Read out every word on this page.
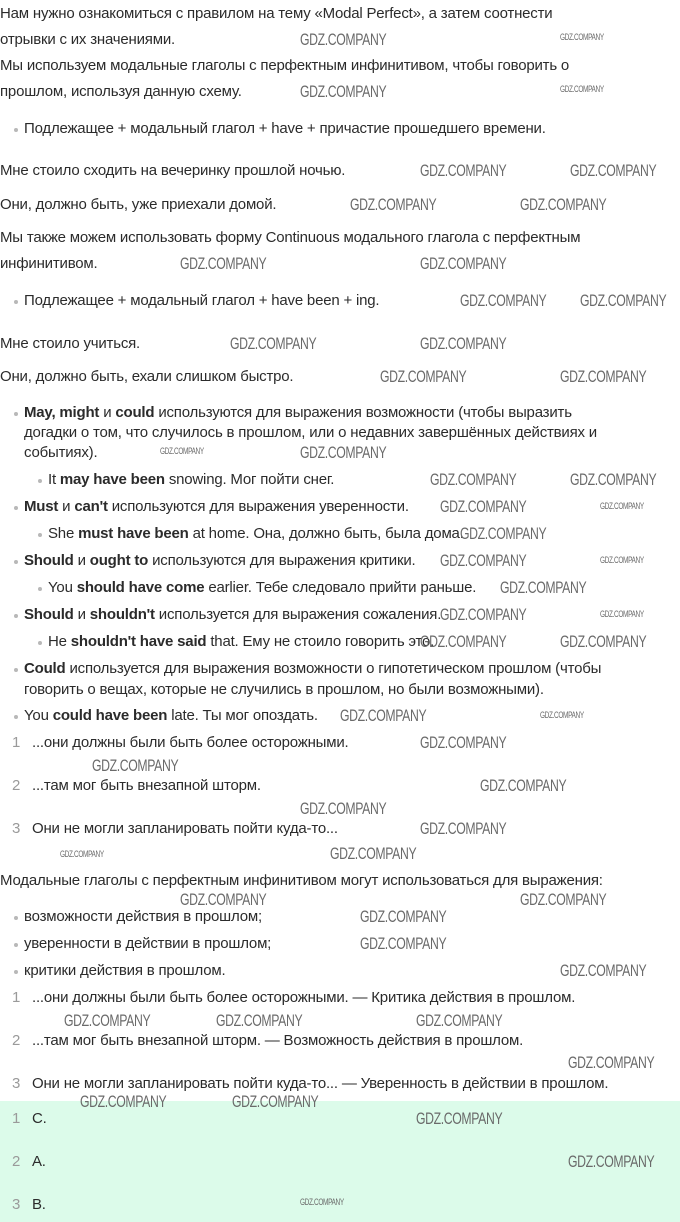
Нам нужно ознакомиться с правилом на тему «Modal Perfect», а затем соотнести
отрывки с их значениями.
Мы используем модальные глаголы с перфектным инфинитивом, чтобы говорить о
прошлом, используя данную схему.
Подлежащее + модальный глагол + have + причастие прошедшего времени.
Мне стоило сходить на вечеринку прошлой ночью.
Они, должно быть, уже приехали домой.
Мы также можем использовать форму Continuous модального глагола с перфектным
инфинитивом.
Подлежащее + модальный глагол + have been + ing.
Мне стоило учиться.
Они, должно быть, ехали слишком быстро.
May, might и could используются для выражения возможности (чтобы выразить
догадки о том, что случилось в прошлом, или о недавних завершённых действиях и
событиях).
It may have been snowing. Мог пойти снег.
Must и can't используются для выражения уверенности.
She must have been at home. Она, должно быть, была дома.
Should и ought to используются для выражения критики.
You should have come earlier. Тебе следовало прийти раньше.
Should и shouldn't используется для выражения сожаления.
He shouldn't have said that. Ему не стоило говорить это.
Could используется для выражения возможности о гипотетическом прошлом (чтобы
говорить о вещах, которые не случились в прошлом, но были возможными).
You could have been late. Ты мог опоздать.
1 ...они должны были быть более осторожными.
2 ...там мог быть внезапной шторм.
3 Они не могли запланировать пойти куда-то...
Модальные глаголы с перфектным инфинитивом могут использоваться для выражения:
возможности действия в прошлом;
уверенности в действии в прошлом;
критики действия в прошлом.
1 ...они должны были быть более осторожными. — Критика действия в прошлом.
2 ...там мог быть внезапной шторм. — Возможность действия в прошлом.
3 Они не могли запланировать пойти куда-то... — Уверенность в действии в прошлом.
1 C.
2 A.
3 B.
GDZ.COMPANY	GDZ.COMPANY
GDZ.COMPANY	GDZ.COMPANY
GDZ.COMPANY	GDZ.COMPANY
GDZ.COMPANY	GDZ.COMPANY
GDZ.COMPANY	GDZ.COMPANY
GDZ.COMPANY GDZ.COMPANY
GDZ.COMPANY	GDZ.COMPANY
GDZ.COMPANY	GDZ.COMPANY
GDZ.COMPANY	GDZ.COMPANY
GDZ.COMPANY	GDZ.COMPANY
GDZ.COMPANY	GDZ.COMPANY
GDZ.COMPANY
GDZ.COMPANY	GDZ.COMPANY
GDZ.COMPANY
GDZ.COMPANY	GDZ.COMPANY
GDZ.COMPANY	GDZ.COMPANY
GDZ.COMPANY	GDZ.COMPANY
GDZ.COMPANY
GDZ.COMPANY
GDZ.COMPANY
GDZ.COMPANY
GDZ.COMPANY
GDZ.COMPANY
GDZ.COMPANY
GDZ.COMPANY	GDZ.COMPANY
GDZ.COMPANY
GDZ.COMPANY
GDZ.COMPANY
GDZ.COMPANY	GDZ.COMPANY	GDZ.COMPANY
GDZ.COMPANY
GDZ.COMPANY	GDZ.COMPANY
GDZ.COMPANY
GDZ.COMPANY
GDZ.COMPANY
